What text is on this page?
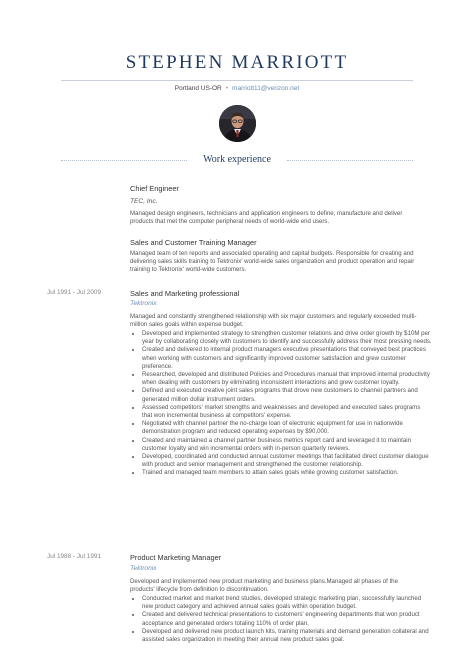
STEPHEN MARRIOTT
Portland US-OR • marriott11@verizon.net
Work experience
Chief Engineer
TEC, Inc.

Managed design engineers, technicians and application engineers to define, manufacture and deliver products that met the computer peripheral needs of world-wide end users.

Sales and Customer Training Manager

Managed team of ten reports and associated operating and capital budgets. Responsible for creating and delivering sales skills training to Tektronix' world-wide sales organization and product operation and repair training to Tektronix' world-wide customers.

Jul 1991 - Jul 2009	Sales and Marketing professional
Tektronix

Managed and constantly strengthened relationship with six major customers and regularly exceeded multi-million sales goals within expense budget.

• Developed and implemented strategy to strengthen customer relations and drive order growth by $10M per year by collaborating closely with customers to identify and successfully address their most pressing needs.
• Created and delivered to internal product managers executive presentations that conveyed best practices when working with customers and significantly improved customer satisfaction and grew customer preference.
• Researched, developed and distributed Policies and Procedures manual that improved internal productivity when dealing with customers by eliminating inconsistent interactions and grew customer loyalty.
• Defined and executed creative joint sales programs that drove new customers to channel partners and generated million dollar instrument orders.
• Assessed competitors' market strengths and weaknesses and developed and executed sales programs that won incremental business at competitors' expense.
• Negotiated with channel partner the no-charge loan of electronic equipment for use in nationwide demonstration program and reduced operating expenses by $90,000.
• Created and maintained a channel partner business metrics report card and leveraged it to maintain customer loyalty and win incremental orders with in-person quarterly reviews.
• Developed, coordinated and conducted annual customer meetings that facilitated direct customer dialogue with product and senior management and strengthened the customer relationship.
• Trained and managed team members to attain sales goals while growing customer satisfaction.
Jul 1988 - Jul 1991	Product Marketing Manager
Tektronix

Developed and implemented new product marketing and business plans.Managed all phases of the products' lifecycle from definition to discontinuation.

• Conducted market and market trend studies, developed strategic marketing plan, successfully launched new product category and achieved annual sales goals within operation budget.
• Created and delivered technical presentations to customers' engineering departments that won product acceptance and generated orders totaling 110% of order plan.
• Developed and delivered new product launch kits, training materials and demand generation collateral and assisted sales organization in meeting their annual new product sales goal.
